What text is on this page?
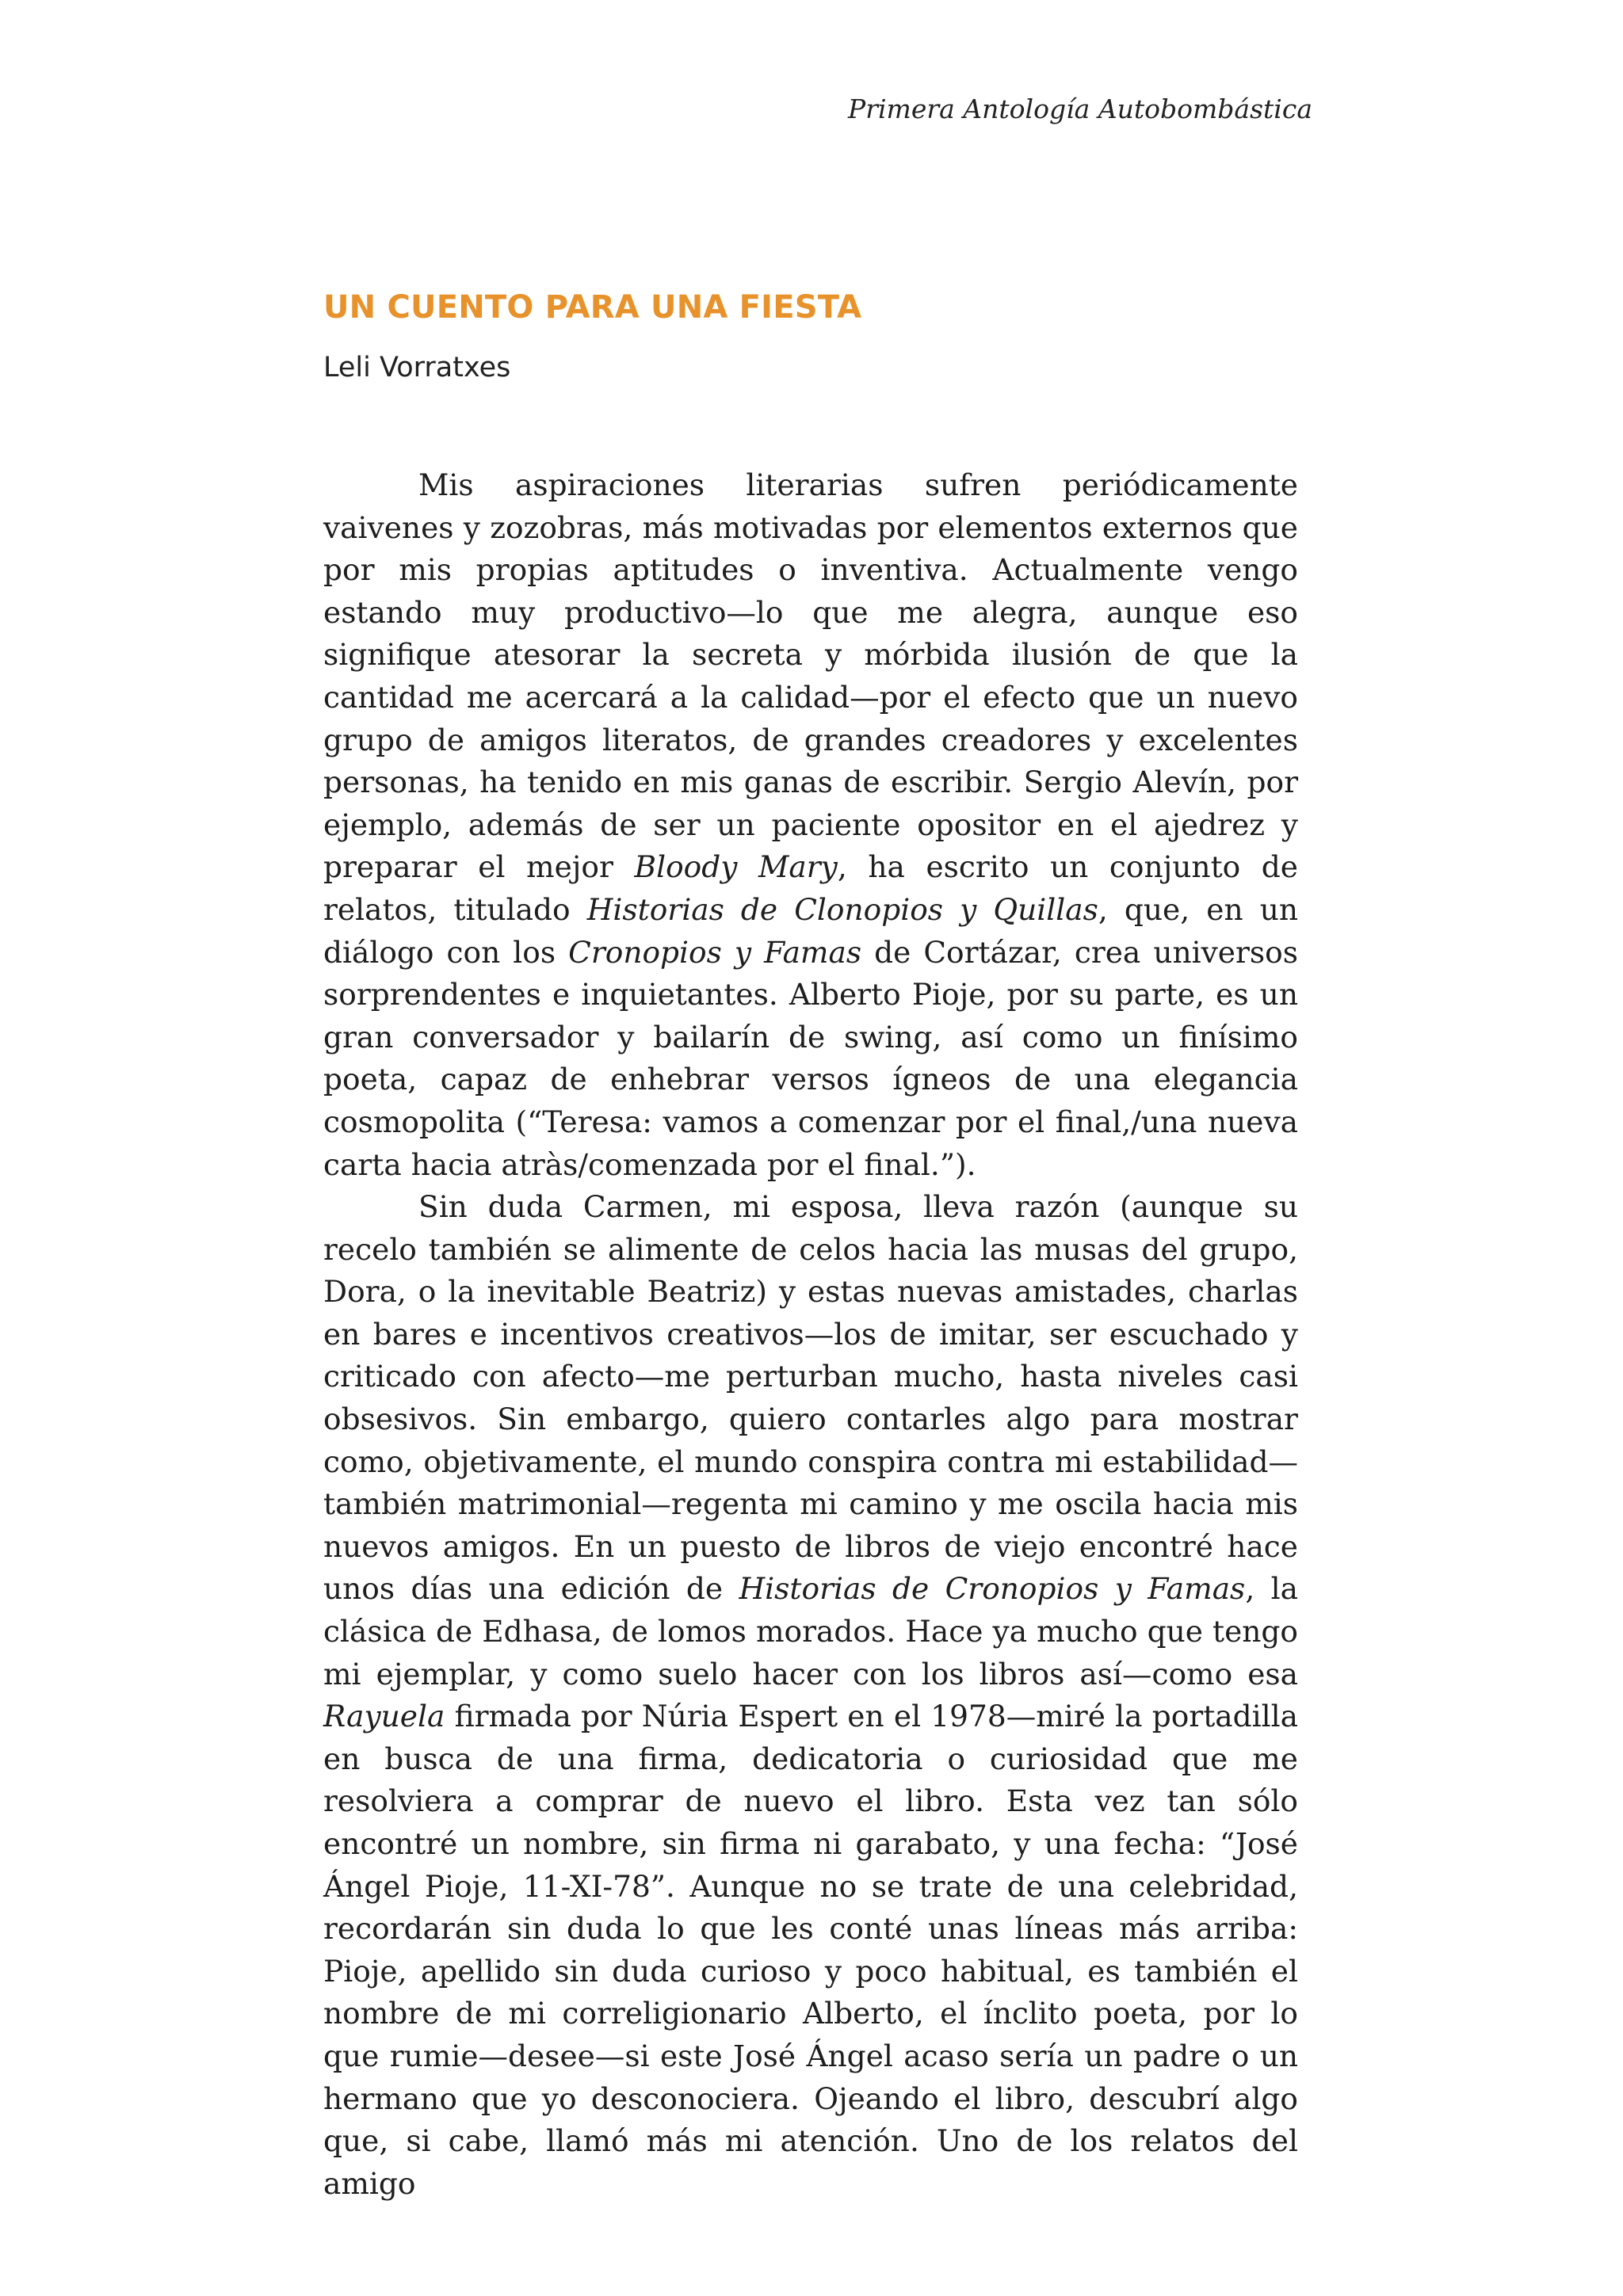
Primera Antología Autobombástica
UN CUENTO PARA UNA FIESTA
Leli Vorratxes

Mis aspiraciones literarias sufren periódicamente vaivenes y zozobras, más motivadas por elementos externos que por mis propias aptitudes o inventiva. Actualmente vengo estando muy productivo—lo que me alegra, aunque eso signifique atesorar la secreta y mórbida ilusión de que la cantidad me acercará a la calidad—por el efecto que un nuevo grupo de amigos literatos, de grandes creadores y excelentes personas, ha tenido en mis ganas de escribir. Sergio Alevín, por ejemplo, además de ser un paciente opositor en el ajedrez y preparar el mejor Bloody Mary, ha escrito un conjunto de relatos, titulado Historias de Clonopios y Quillas, que, en un diálogo con los Cronopios y Famas de Cortázar, crea universos sorprendentes e inquietantes. Alberto Pioje, por su parte, es un gran conversador y bailarín de swing, así como un finísimo poeta, capaz de enhebrar versos ígneos de una elegancia cosmopolita (“Teresa: vamos a comenzar por el final,/una nueva carta hacia atràs/comenzada por el final.”).

Sin duda Carmen, mi esposa, lleva razón (aunque su recelo también se alimente de celos hacia las musas del grupo, Dora, o la inevitable Beatriz) y estas nuevas amistades, charlas en bares e incentivos creativos—los de imitar, ser escuchado y criticado con afecto—me perturban mucho, hasta niveles casi obsesivos. Sin embargo, quiero contarles algo para mostrar como, objetivamente, el mundo conspira contra mi estabilidad—también matrimonial—regenta mi camino y me oscila hacia mis nuevos amigos. En un puesto de libros de viejo encontré hace unos días una edición de Historias de Cronopios y Famas, la clásica de Edhasa, de lomos morados. Hace ya mucho que tengo mi ejemplar, y como suelo hacer con los libros así—como esa Rayuela firmada por Núria Espert en el 1978—miré la portadilla en busca de una firma, dedicatoria o curiosidad que me resolviera a comprar de nuevo el libro. Esta vez tan sólo encontré un nombre, sin firma ni garabato, y una fecha: “José Ángel Pioje, 11-XI-78”. Aunque no se trate de una celebridad, recordarán sin duda lo que les conté unas líneas más arriba: Pioje, apellido sin duda curioso y poco habitual, es también el nombre de mi correligionario Alberto, el ínclito poeta, por lo que rumie—desee—si este José Ángel acaso sería un padre o un hermano que yo desconociera. Ojeando el libro, descubrí algo que, si cabe, llamó más mi atención. Uno de los relatos del amigo
